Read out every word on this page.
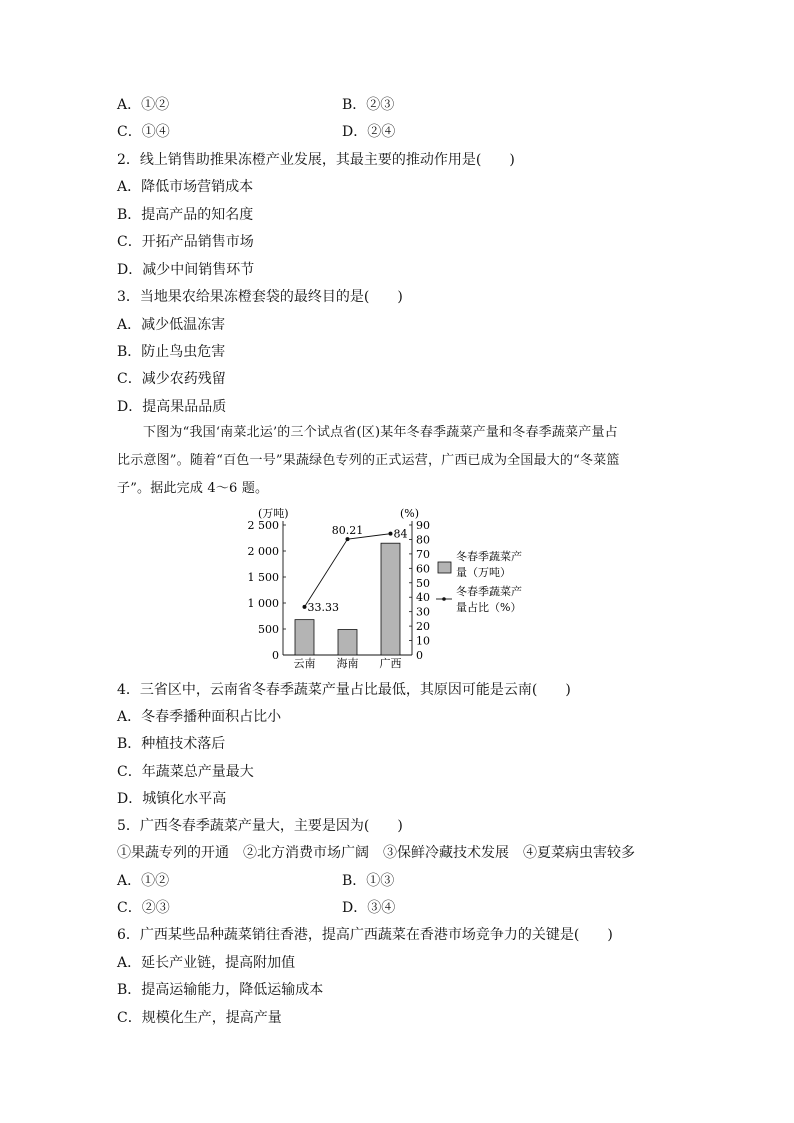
A．①②	B．②③
C．①④	D．②④
2．线上销售助推果冻橙产业发展，其最主要的推动作用是(　　)
A．降低市场营销成本
B．提高产品的知名度
C．开拓产品销售市场
D．减少中间销售环节
3．当地果农给果冻橙套袋的最终目的是(　　)
A．减少低温冻害
B．防止鸟虫危害
C．减少农药残留
D．提高果品品质

下图为“我国‘南菜北运’的三个试点省(区)某年冬春季蔬菜产量和冬春季蔬菜产量占

比示意图”。随着“百色一号”果蔬绿色专列的正式运营，广西已成为全国最大的“冬菜篮

子”。据此完成 4～6 题。

2 500
2 000
1 500
1 000
500
0
90
80
70
60
50
40
30
20
10
0
云南 海南 广西
33.33
80.21	84
(万吨)	(%)
冬春季蔬菜产
量（万吨）
冬春季蔬菜产
量占比（%）
4．三省区中，云南省冬春季蔬菜产量占比最低，其原因可能是云南(　　)
A．冬春季播种面积占比小
B．种植技术落后
C．年蔬菜总产量最大
D．城镇化水平高
5．广西冬春季蔬菜产量大，主要是因为(　　)
①果蔬专列的开通　②北方消费市场广阔　③保鲜冷藏技术发展　④夏菜病虫害较多
A．①②	B．①③
C．②③	D．③④
6．广西某些品种蔬菜销往香港，提高广西蔬菜在香港市场竞争力的关键是(　　)
A．延长产业链，提高附加值
B．提高运输能力，降低运输成本
C．规模化生产，提高产量
